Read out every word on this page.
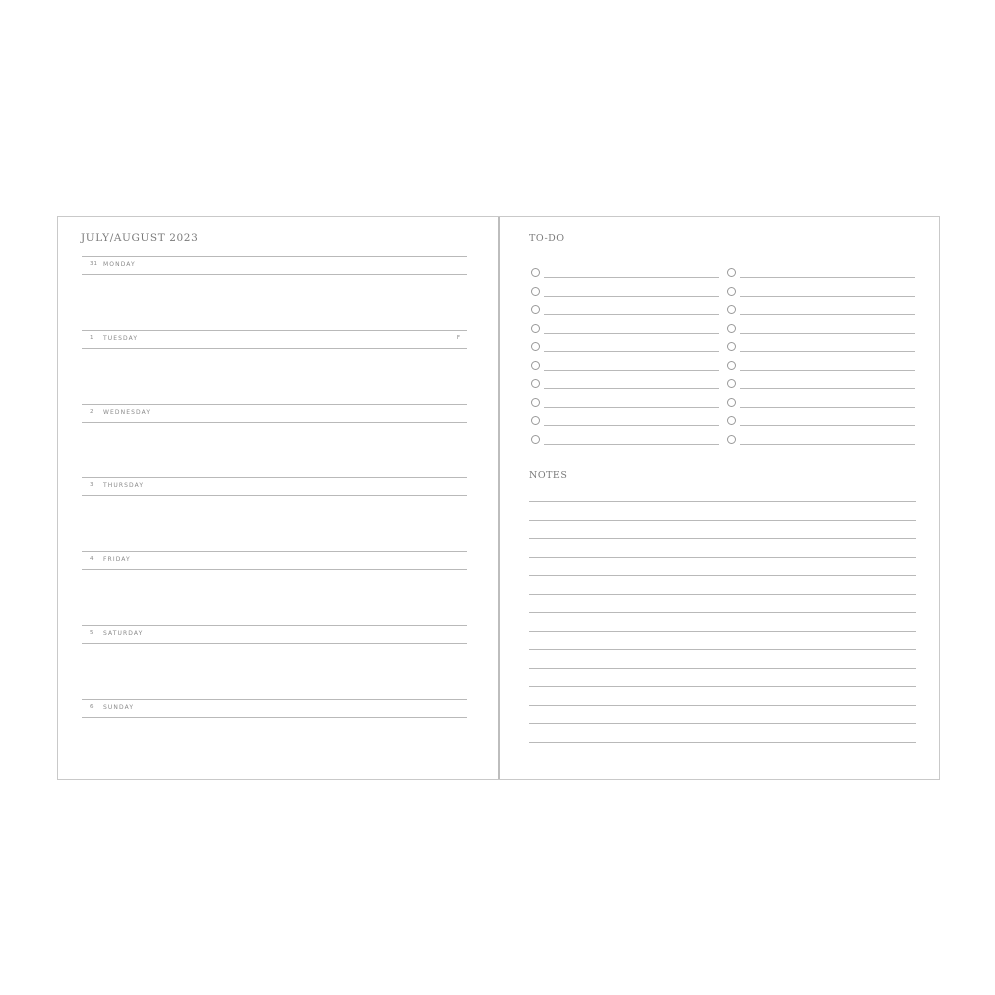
JULY/AUGUST 2023
31 MONDAY
1 TUESDAY	F
2 WEDNESDAY
3 THURSDAY
4 FRIDAY
5 SATURDAY
6 SUNDAY
TO-DO
NOTES
